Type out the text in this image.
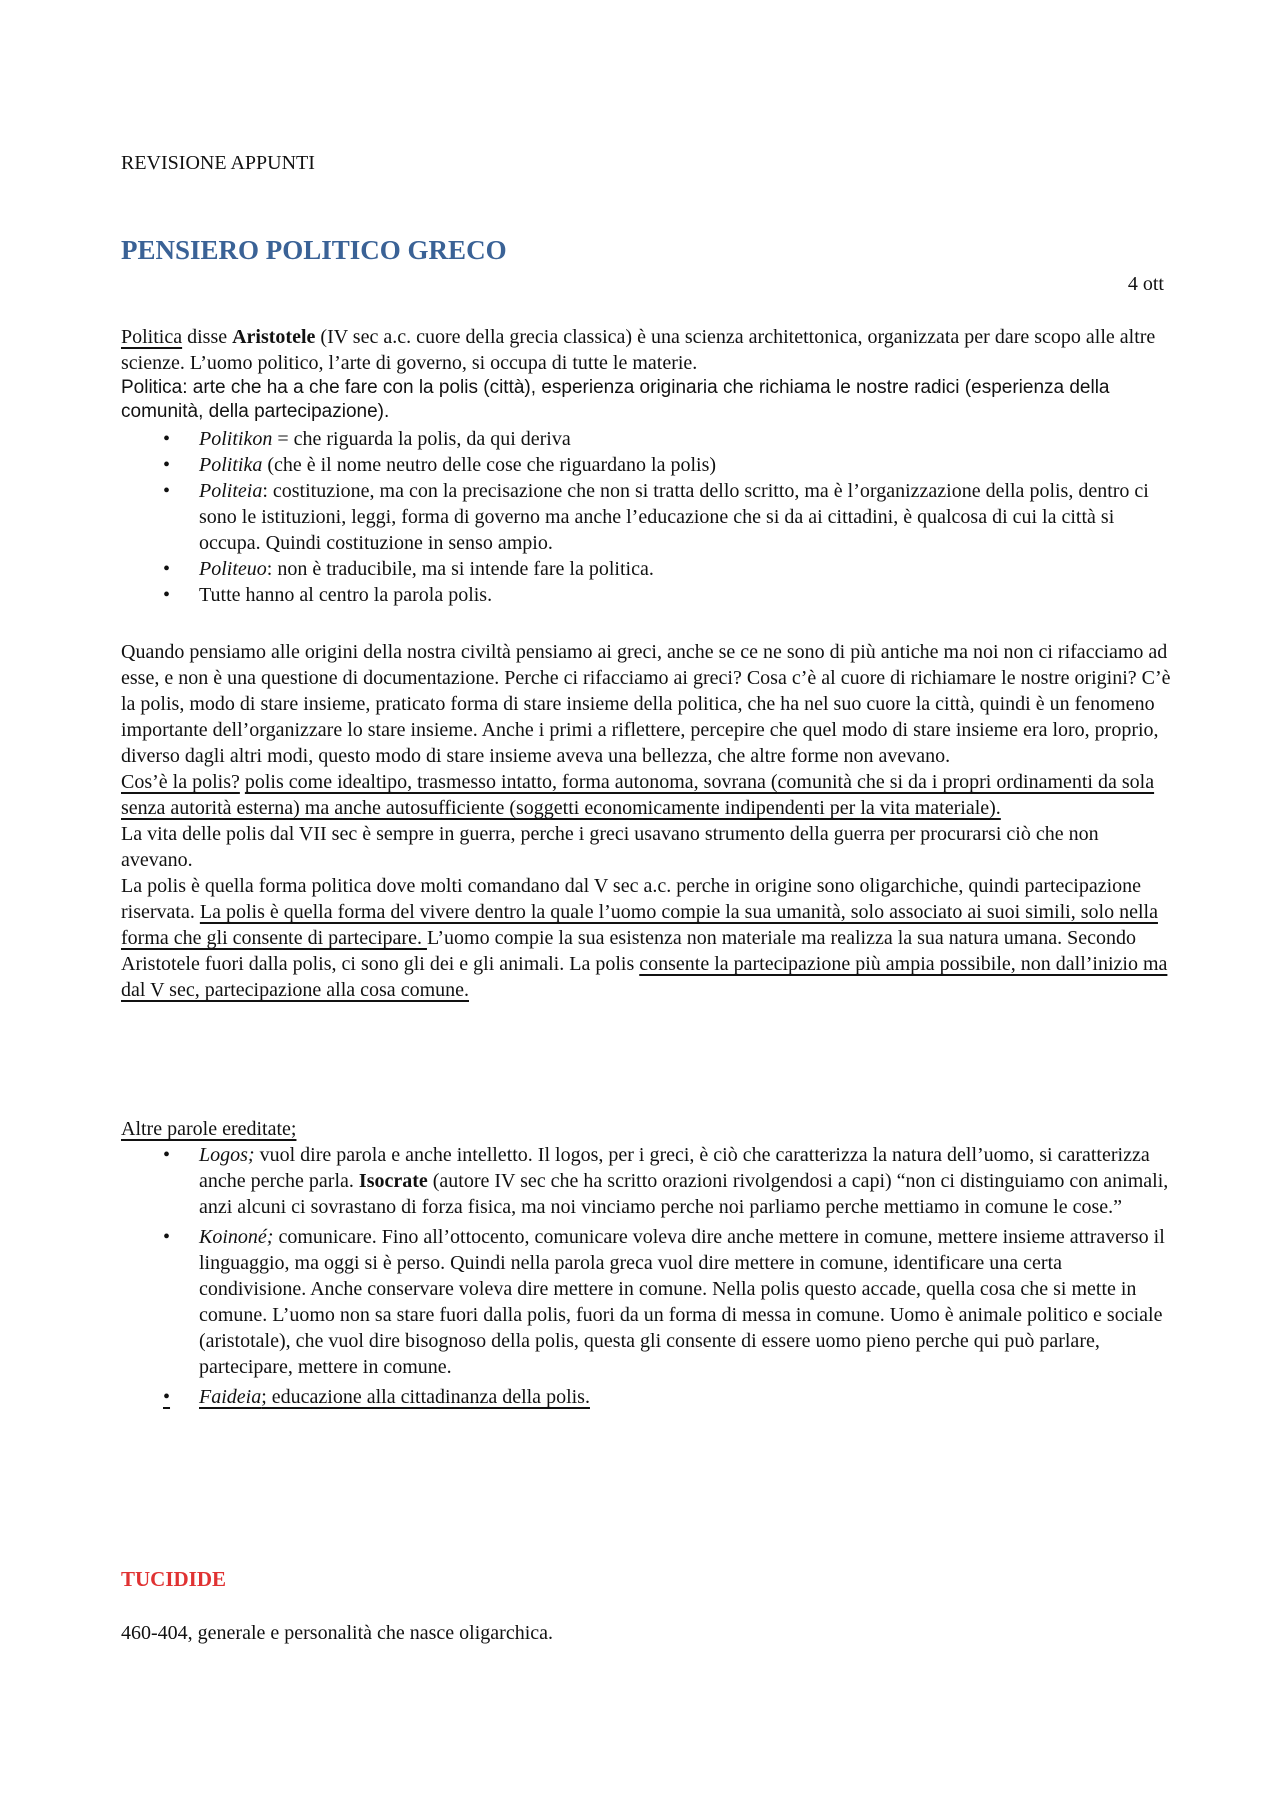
REVISIONE APPUNTI
PENSIERO POLITICO GRECO
4 ott

Politica disse Aristotele (IV sec a.c. cuore della grecia classica) è una scienza architettonica, organizzata per dare scopo alle altre scienze. L’uomo politico, l’arte di governo, si occupa di tutte le materie.

Politica: arte che ha a che fare con la polis (città), esperienza originaria che richiama le nostre radici (esperienza della comunità, della partecipazione).

• Politikon = che riguarda la polis, da qui deriva
• Politika (che è il nome neutro delle cose che riguardano la polis)
• Politeia: costituzione, ma con la precisazione che non si tratta dello scritto, ma è l’organizzazione della polis, dentro ci sono le istituzioni, leggi, forma di governo ma anche l’educazione che si da ai cittadini, è qualcosa di cui la città si occupa. Quindi costituzione in senso ampio.
• Politeuo: non è traducibile, ma si intende fare la politica.
• Tutte hanno al centro la parola polis.

Quando pensiamo alle origini della nostra civiltà pensiamo ai greci, anche se ce ne sono di più antiche ma noi non ci rifacciamo ad esse, e non è una questione di documentazione. Perche ci rifacciamo ai greci? Cosa c’è al cuore di richiamare le nostre origini? C’è la polis, modo di stare insieme, praticato forma di stare insieme della politica, che ha nel suo cuore la città, quindi è un fenomeno importante dell’organizzare lo stare insieme. Anche i primi a riflettere, percepire che quel modo di stare insieme era loro, proprio, diverso dagli altri modi, questo modo di stare insieme aveva una bellezza, che altre forme non avevano.

Cos’è la polis? polis come idealtipo, trasmesso intatto, forma autonoma, sovrana (comunità che si da i propri ordinamenti da sola senza autorità esterna) ma anche autosufficiente (soggetti economicamente indipendenti per la vita materiale).

La vita delle polis dal VII sec è sempre in guerra, perche i greci usavano strumento della guerra per procurarsi ciò che non avevano.

La polis è quella forma politica dove molti comandano dal V sec a.c. perche in origine sono oligarchiche, quindi partecipazione riservata. La polis è quella forma del vivere dentro la quale l’uomo compie la sua umanità, solo associato ai suoi simili, solo nella forma che gli consente di partecipare. L’uomo compie la sua esistenza non materiale ma realizza la sua natura umana. Secondo Aristotele fuori dalla polis, ci sono gli dei e gli animali. La polis consente la partecipazione più ampia possibile, non dall’inizio ma dal V sec, partecipazione alla cosa comune.

Altre parole ereditate;
• Logos; vuol dire parola e anche intelletto. Il logos, per i greci, è ciò che caratterizza la natura dell’uomo, si caratterizza anche perche parla. Isocrate (autore IV sec che ha scritto orazioni rivolgendosi a capi) “non ci distinguiamo con animali, anzi alcuni ci sovrastano di forza fisica, ma noi vinciamo perche noi parliamo perche mettiamo in comune le cose.”
• Koinoné; comunicare. Fino all’ottocento, comunicare voleva dire anche mettere in comune, mettere insieme attraverso il linguaggio, ma oggi si è perso. Quindi nella parola greca vuol dire mettere in comune, identificare una certa condivisione. Anche conservare voleva dire mettere in comune. Nella polis questo accade, quella cosa che si mette in comune. L’uomo non sa stare fuori dalla polis, fuori da un forma di messa in comune. Uomo è animale politico e sociale (aristotale), che vuol dire bisognoso della polis, questa gli consente di essere uomo pieno perche qui può parlare, partecipare, mettere in comune.
• Faideia; educazione alla cittadinanza della polis.
TUCIDIDE
460-404, generale e personalità che nasce oligarchica.
